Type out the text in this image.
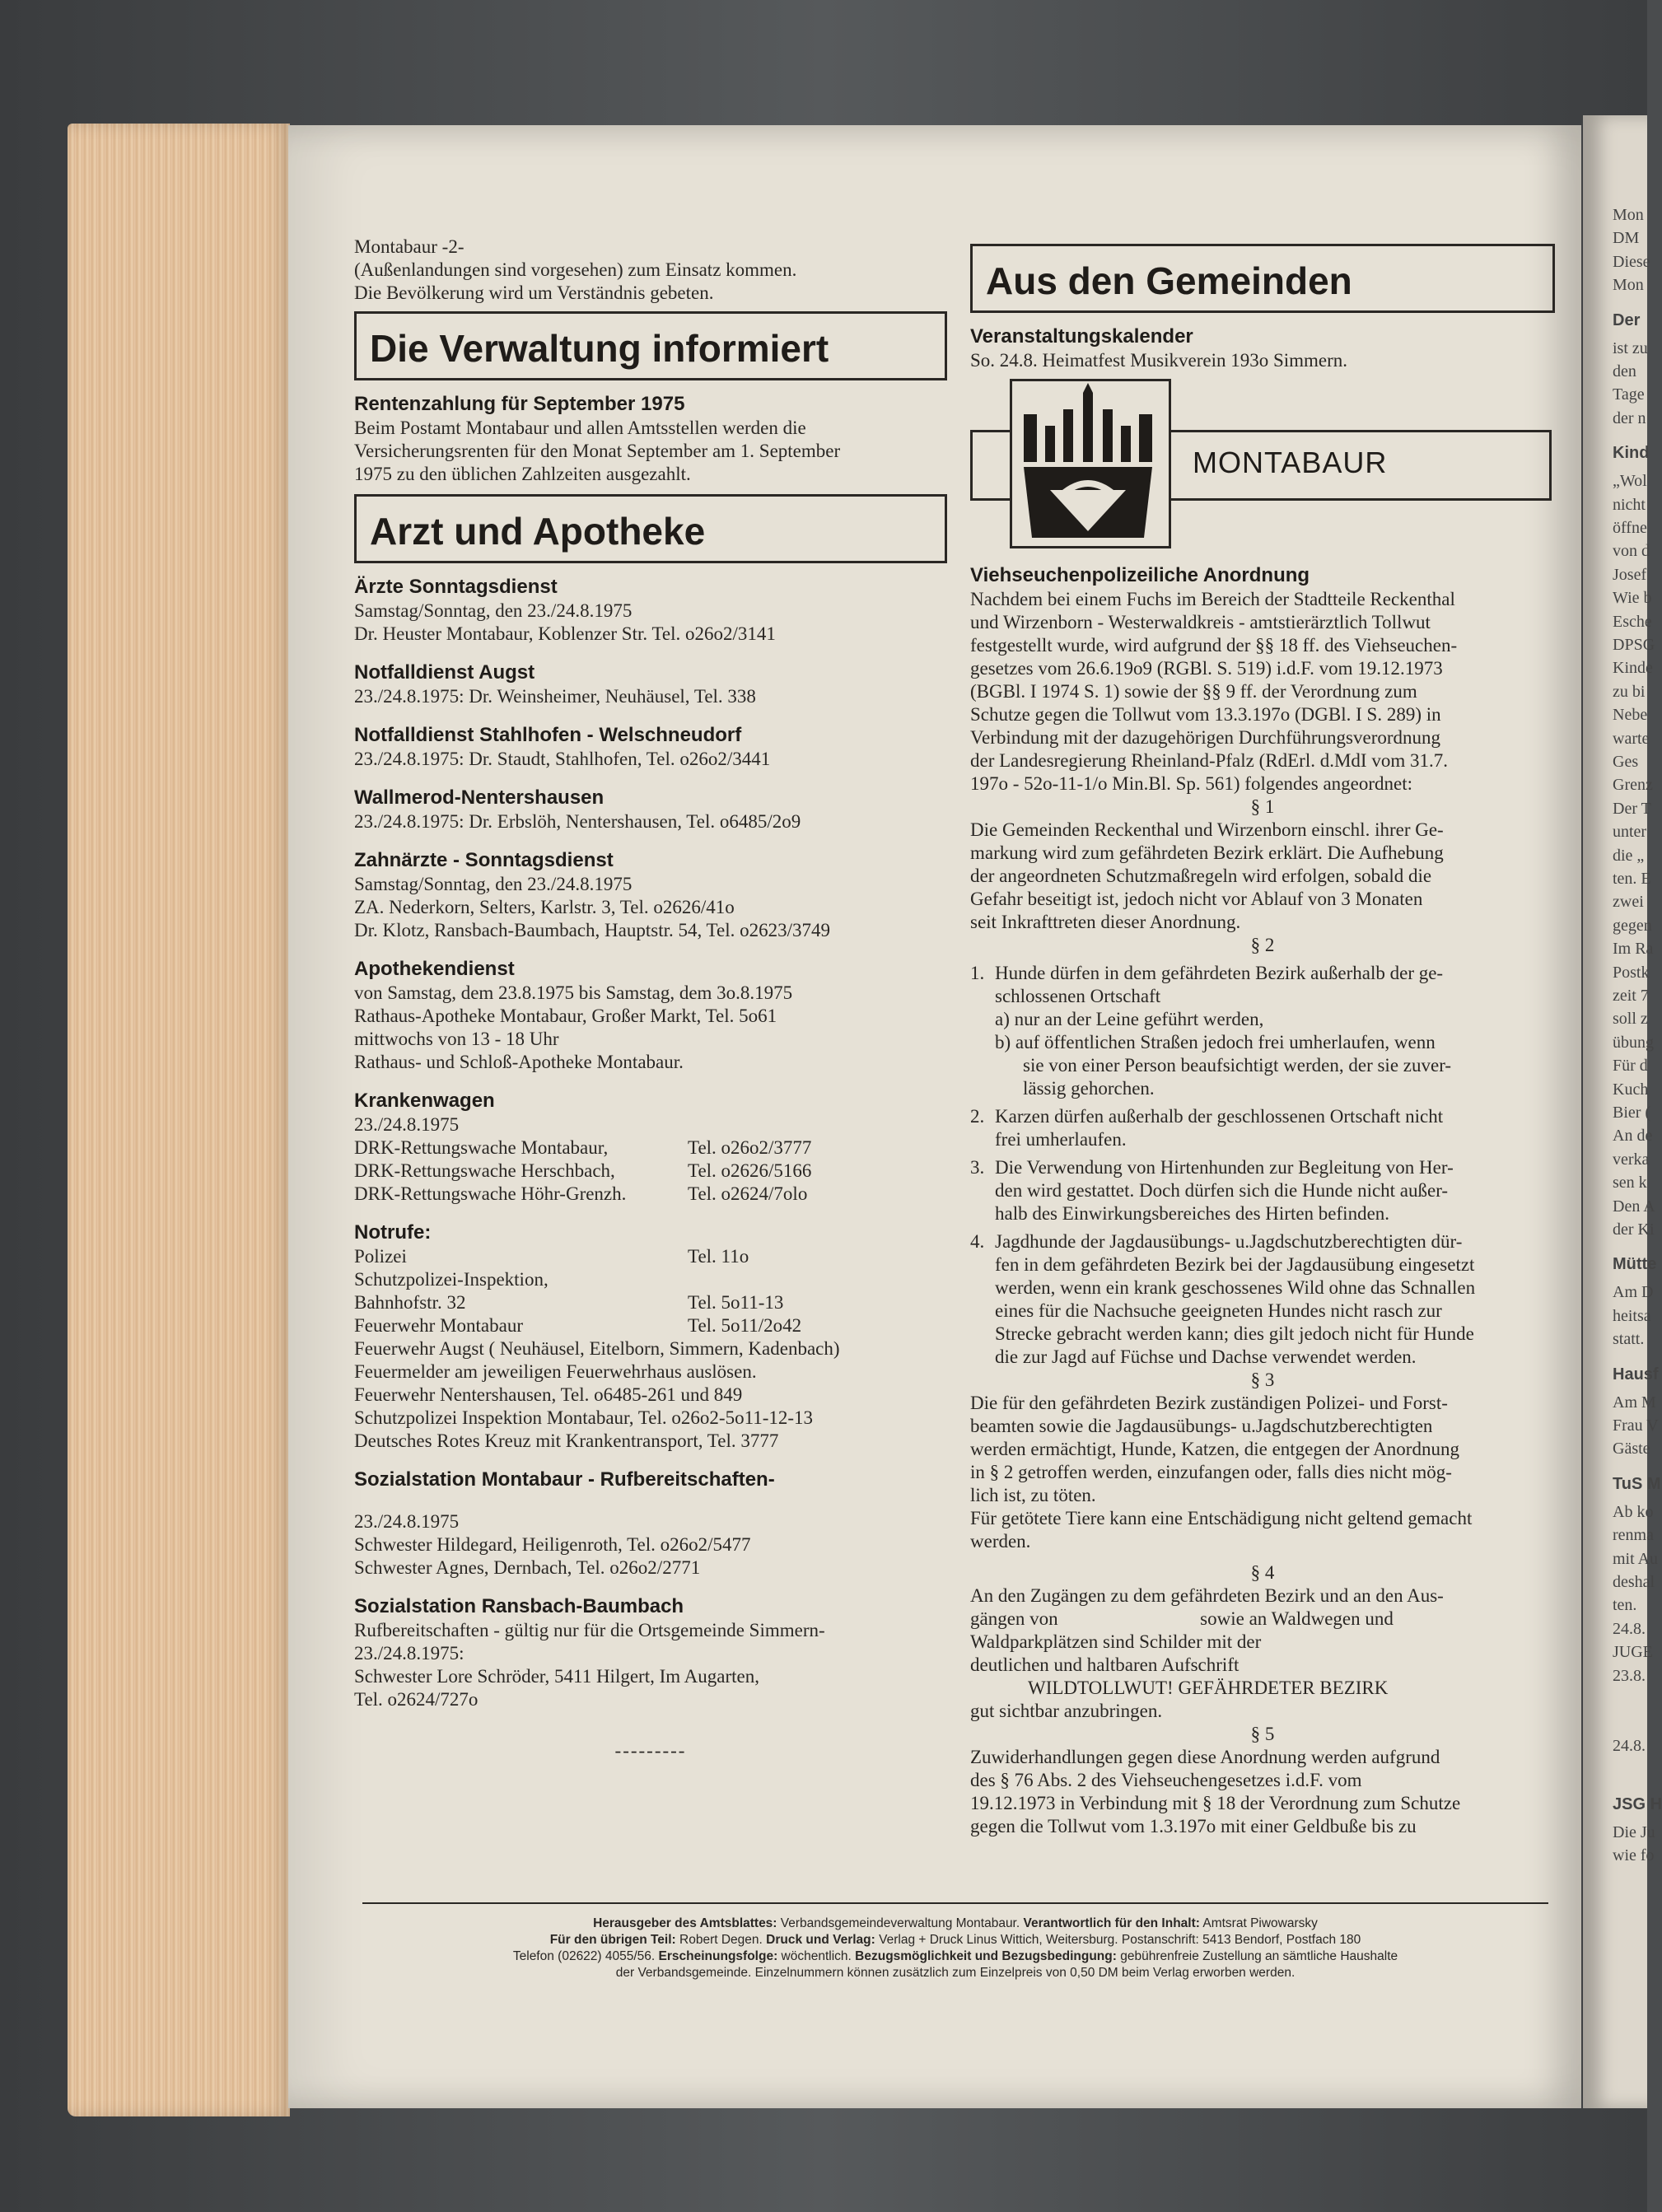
Mon
DM
Diese
Mon
Der
ist zu
den
Tage
der n
Kind
„Wol
nicht
öffne
von d
Josef
Wie b
Esche
DPSG
Kinde
zu bi
Nebe
warte
Ges
Grenz
Der T
unter
die „
ten. E
zwei
gegen
Im Ra
Postk
zeit 7
soll z
übung
Für d
Kuch
Bier (
An de
verka
sen k
Den A
der Ki
Mütte
Am D
heitsa
statt.
Hausf
Am M
Frau V
Gäste
TuS M
Ab ko
renma
mit Au
deshal
ten.
24.8.
JUGE
23.8.
24.8.
JSG H
Die Ju
wie fo
Montabaur -2-
(Außenlandungen sind vorgesehen) zum Einsatz kommen.
Die Bevölkerung wird um Verständnis gebeten.
Die Verwaltung informiert
Rentenzahlung für September 1975
Beim Postamt Montabaur und allen Amtsstellen werden die
Versicherungsrenten für den Monat September am 1. September
1975 zu den üblichen Zahlzeiten ausgezahlt.
Arzt und Apotheke
Ärzte Sonntagsdienst
Samstag/Sonntag, den 23./24.8.1975
Dr. Heuster Montabaur, Koblenzer Str. Tel. o26o2/3141
Notfalldienst Augst
23./24.8.1975: Dr. Weinsheimer, Neuhäusel, Tel. 338
Notfalldienst Stahlhofen - Welschneudorf
23./24.8.1975: Dr. Staudt, Stahlhofen, Tel. o26o2/3441
Wallmerod-Nentershausen
23./24.8.1975: Dr. Erbslöh, Nentershausen, Tel. o6485/2o9
Zahnärzte - Sonntagsdienst
Samstag/Sonntag, den 23./24.8.1975
ZA. Nederkorn, Selters, Karlstr. 3, Tel. o2626/41o
Dr. Klotz, Ransbach-Baumbach, Hauptstr. 54, Tel. o2623/3749
Apothekendienst
von Samstag, dem 23.8.1975 bis Samstag, dem 3o.8.1975
Rathaus-Apotheke Montabaur, Großer Markt, Tel. 5o61
mittwochs von 13 - 18 Uhr
Rathaus- und Schloß-Apotheke Montabaur.
Krankenwagen
23./24.8.1975
DRK-Rettungswache Montabaur,	Tel. o26o2/3777
DRK-Rettungswache Herschbach,	Tel. o2626/5166
DRK-Rettungswache Höhr-Grenzh.	Tel. o2624/7olo
Notrufe:
Polizei	Tel. 11o
Schutzpolizei-Inspektion,
Bahnhofstr. 32	Tel. 5o11-13
Feuerwehr Montabaur	Tel. 5o11/2o42
Feuerwehr Augst ( Neuhäusel, Eitelborn, Simmern, Kadenbach)
Feuermelder am jeweiligen Feuerwehrhaus auslösen.
Feuerwehr Nentershausen, Tel. o6485-261 und 849
Schutzpolizei Inspektion Montabaur, Tel. o26o2-5o11-12-13
Deutsches Rotes Kreuz mit Krankentransport, Tel. 3777
Sozialstation Montabaur - Rufbereitschaften-
23./24.8.1975
Schwester Hildegard, Heiligenroth, Tel. o26o2/5477
Schwester Agnes, Dernbach, Tel. o26o2/2771
Sozialstation Ransbach-Baumbach
Rufbereitschaften - gültig nur für die Ortsgemeinde Simmern-
23./24.8.1975:
Schwester Lore Schröder, 5411 Hilgert, Im Augarten,
Tel. o2624/727o
---------
Aus den Gemeinden
Veranstaltungskalender
So. 24.8. Heimatfest Musikverein 193o Simmern.
MONTABAUR
Viehseuchenpolizeiliche Anordnung
Nachdem bei einem Fuchs im Bereich der Stadtteile Reckenthal
und Wirzenborn - Westerwaldkreis - amtstierärztlich Tollwut
festgestellt wurde, wird aufgrund der §§ 18 ff. des Viehseuchen-
gesetzes vom 26.6.19o9 (RGBl. S. 519) i.d.F. vom 19.12.1973
(BGBl. I 1974 S. 1) sowie der §§ 9 ff. der Verordnung zum
Schutze gegen die Tollwut vom 13.3.197o (DGBl. I S. 289) in
Verbindung mit der dazugehörigen Durchführungsverordnung
der Landesregierung Rheinland-Pfalz (RdErl. d.MdI vom 31.7.
197o - 52o-11-1/o Min.Bl. Sp. 561) folgendes angeordnet:
§ 1
Die Gemeinden Reckenthal und Wirzenborn einschl. ihrer Ge-
markung wird zum gefährdeten Bezirk erklärt. Die Aufhebung
der angeordneten Schutzmaßregeln wird erfolgen, sobald die
Gefahr beseitigt ist, jedoch nicht vor Ablauf von 3 Monaten
seit Inkrafttreten dieser Anordnung.
§ 2
1. Hunde dürfen in dem gefährdeten Bezirk außerhalb der ge-
schlossenen Ortschaft
a) nur an der Leine geführt werden,
b) auf öffentlichen Straßen jedoch frei umherlaufen, wenn
sie von einer Person beaufsichtigt werden, der sie zuver-
lässig gehorchen.
2. Karzen dürfen außerhalb der geschlossenen Ortschaft nicht
frei umherlaufen.
3. Die Verwendung von Hirtenhunden zur Begleitung von Her-
den wird gestattet. Doch dürfen sich die Hunde nicht außer-
halb des Einwirkungsbereiches des Hirten befinden.
4. Jagdhunde der Jagdausübungs- u.Jagdschutzberechtigten dür-
fen in dem gefährdeten Bezirk bei der Jagdausübung eingesetzt
werden, wenn ein krank geschossenes Wild ohne das Schnallen
eines für die Nachsuche geeigneten Hundes nicht rasch zur
Strecke gebracht werden kann; dies gilt jedoch nicht für Hunde
die zur Jagd auf Füchse und Dachse verwendet werden.
§ 3
Die für den gefährdeten Bezirk zuständigen Polizei- und Forst-
beamten sowie die Jagdausübungs- u.Jagdschutzberechtigten
werden ermächtigt, Hunde, Katzen, die entgegen der Anordnung
in § 2 getroffen werden, einzufangen oder, falls dies nicht mög-
lich ist, zu töten.
Für getötete Tiere kann eine Entschädigung nicht geltend gemacht
werden.
§ 4
An den Zugängen zu dem gefährdeten Bezirk und an den Aus-
gängen von                              sowie an Waldwegen und
Waldparkplätzen sind Schilder mit der
deutlichen und haltbaren Aufschrift
WILDTOLLWUT! GEFÄHRDETER BEZIRK
gut sichtbar anzubringen.
§ 5
Zuwiderhandlungen gegen diese Anordnung werden aufgrund
des § 76 Abs. 2 des Viehseuchengesetzes i.d.F. vom
19.12.1973 in Verbindung mit § 18 der Verordnung zum Schutze
gegen die Tollwut vom 1.3.197o mit einer Geldbuße bis zu
Herausgeber des Amtsblattes: Verbandsgemeindeverwaltung Montabaur. Verantwortlich für den Inhalt: Amtsrat Piwowarsky
Für den übrigen Teil: Robert Degen. Druck und Verlag: Verlag + Druck Linus Wittich, Weitersburg. Postanschrift: 5413 Bendorf, Postfach 180
Telefon (02622) 4055/56. Erscheinungsfolge: wöchentlich. Bezugsmöglichkeit und Bezugsbedingung: gebührenfreie Zustellung an sämtliche Haushalte
der Verbandsgemeinde. Einzelnummern können zusätzlich zum Einzelpreis von 0,50 DM beim Verlag erworben werden.
